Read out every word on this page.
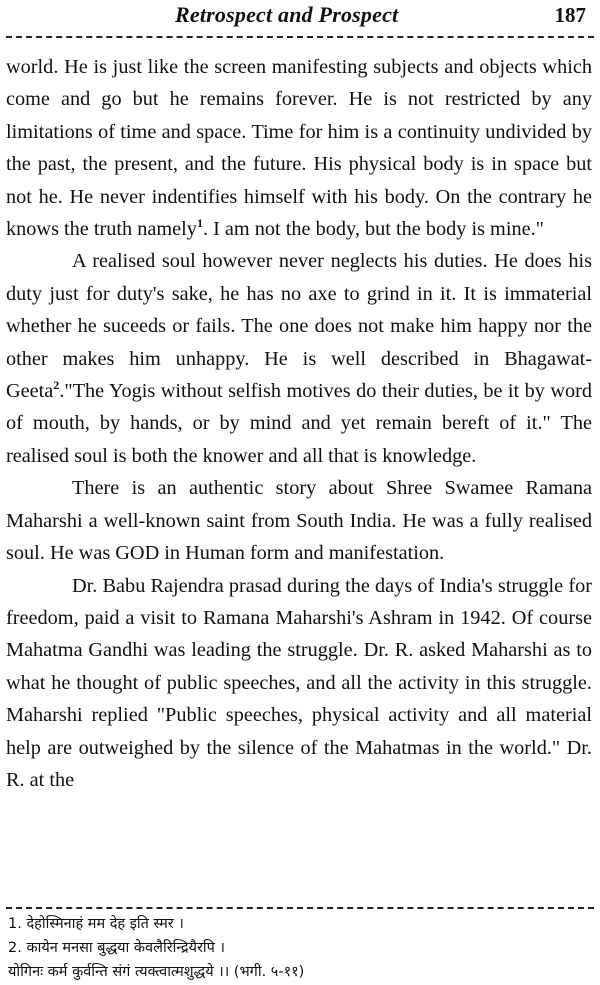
Retrospect and Prospect	187

world. He is just like the screen manifesting subjects and objects which come and go but he remains forever. He is not restricted by any limitations of time and space. Time for him is a continuity undivided by the past, the present, and the future. His physical body is in space but not he. He never indentifies himself with his body. On the contrary he knows the truth namely$^1$. I am not the body, but the body is mine."

A realised soul however never neglects his duties. He does his duty just for duty's sake, he has no axe to grind in it. It is immaterial whether he suceeds or fails. The one does not make him happy nor the other makes him unhappy. He is well described in Bhagawat-Geeta$^2$."The Yogis without selfish motives do their duties, be it by word of mouth, by hands, or by mind and yet remain bereft of it." The realised soul is both the knower and all that is knowledge.

There is an authentic story about Shree Swamee Ramana Maharshi a well-known saint from South India. He was a fully realised soul. He was GOD in Human form and manifestation.

Dr. Babu Rajendra prasad during the days of India's struggle for freedom, paid a visit to Ramana Maharshi's Ashram in 1942. Of course Mahatma Gandhi was leading the struggle. Dr. R. asked Maharshi as to what he thought of public speeches, and all the activity in this struggle. Maharshi replied "Public speeches, physical activity and all material help are outweighed by the silence of the Mahatmas in the world." Dr. R. at the

1. देहोस्मिनाहं मम देह इति स्मर ।
2. कायेन मनसा बुद्धया केवलैरिन्द्रियैरपि ।
योगिनः कर्म कुर्वन्ति संगं त्यक्त्वात्मशुद्धये ।। (भगी. ५-११)
